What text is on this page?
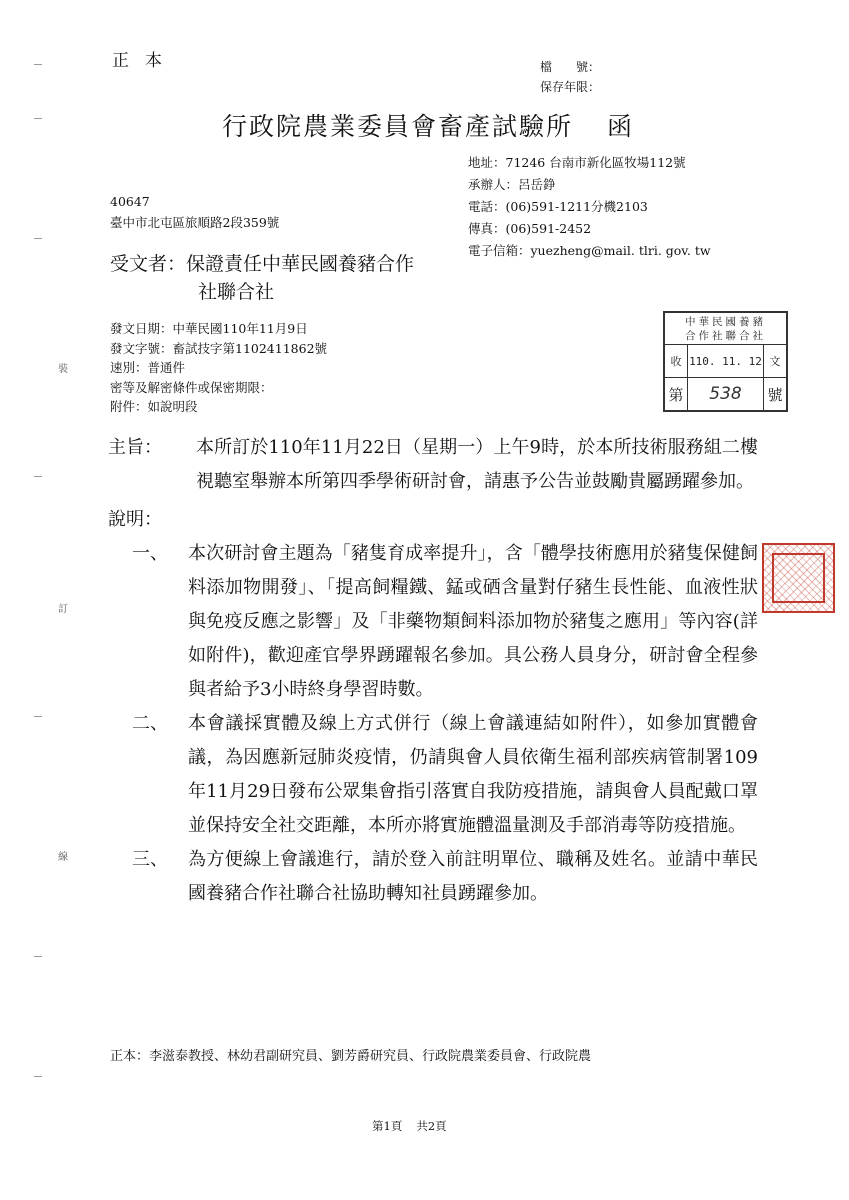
裝
訂
線
正本	檔　　號：
保存年限：
行政院農業委員會畜產試驗所 函
地址：71246 台南市新化區牧場112號
承辦人：呂岳錚
電話：(06)591-1211分機2103
傳真：(06)591-2452
電子信箱：yuezheng@mail. tlri. gov. tw
40647
臺中市北屯區旅順路2段359號
受文者：保證責任中華民國養豬合作
社聯合社
發文日期：中華民國110年11月9日
發文字號：畜試技字第1102411862號
速別：普通件
密等及解密條件或保密期限：
附件：如說明段
中華民國養豬
合作社聯合社
收 110. 11. 12 文
第	538	號
主旨：	本所訂於110年11月22日（星期一）上午9時，於本所技術服務組二樓視聽室舉辦本所第四季學術研討會，請惠予公告並鼓勵貴屬踴躍參加。
說明：
一、	本次研討會主題為「豬隻育成率提升」，含「體學技術應用於豬隻保健飼料添加物開發」、「提高飼糧鐵、錳或硒含量對仔豬生長性能、血液性狀與免疫反應之影響」及「非藥物類飼料添加物於豬隻之應用」等內容(詳如附件)，歡迎產官學界踴躍報名參加。具公務人員身分，研討會全程參與者給予3小時終身學習時數。
二、	本會議採實體及線上方式併行（線上會議連結如附件），如參加實體會議，為因應新冠肺炎疫情，仍請與會人員依衛生福利部疾病管制署109年11月29日發布公眾集會指引落實自我防疫措施，請與會人員配戴口罩並保持安全社交距離，本所亦將實施體溫量測及手部消毒等防疫措施。
三、	為方便線上會議進行，請於登入前註明單位、職稱及姓名。並請中華民國養豬合作社聯合社協助轉知社員踴躍參加。
正本：李滋泰教授、林幼君副研究員、劉芳爵研究員、行政院農業委員會、行政院農
第1頁 共2頁
